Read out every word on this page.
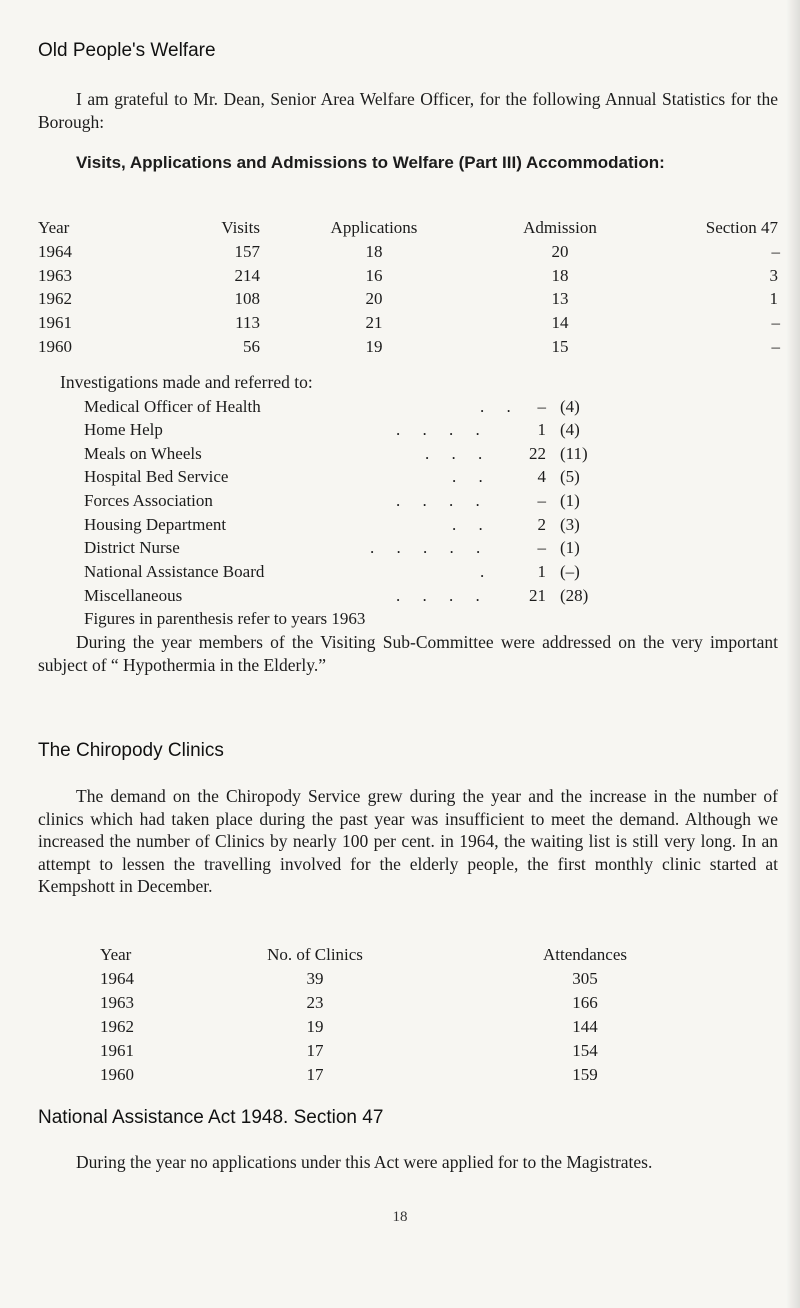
Old People's Welfare

I am grateful to Mr. Dean, Senior Area Welfare Officer, for the following Annual Statistics for the Borough:

Visits, Applications and Admissions to Welfare (Part III) Accommodation:

Year	Visits	Applications	Admission	Section 47
1964	157	18	20	–
1963	214	16	18	3
1962	108	20	13	1
1961	113	21	14	–
1960	56	19	15	–
Investigations made and referred to:
Medical Officer of Health	. .	– (4)
Home Help	. . . .	1 (4)
Meals on Wheels	. . .	22 (11)
Hospital Bed Service	. .	4 (5)
Forces Association	. . . .	– (1)
Housing Department	. .	2 (3)
District Nurse	. . . . .	– (1)
National Assistance Board	.	1 (–)
Miscellaneous	. . . .	21 (28)
Figures in parenthesis refer to years 1963

During the year members of the Visiting Sub-Committee were addressed on the very important subject of “ Hypothermia in the Elderly.”

The Chiropody Clinics

The demand on the Chiropody Service grew during the year and the increase in the number of clinics which had taken place during the past year was insufficient to meet the demand. Although we increased the number of Clinics by nearly 100 per cent. in 1964, the waiting list is still very long. In an attempt to lessen the travelling involved for the elderly people, the first monthly clinic started at Kempshott in December.

Year	No. of Clinics	Attendances
1964	39	305
1963	23	166
1962	19	144
1961	17	154
1960	17	159
National Assistance Act 1948. Section 47

During the year no applications under this Act were applied for to the Magistrates.

18
